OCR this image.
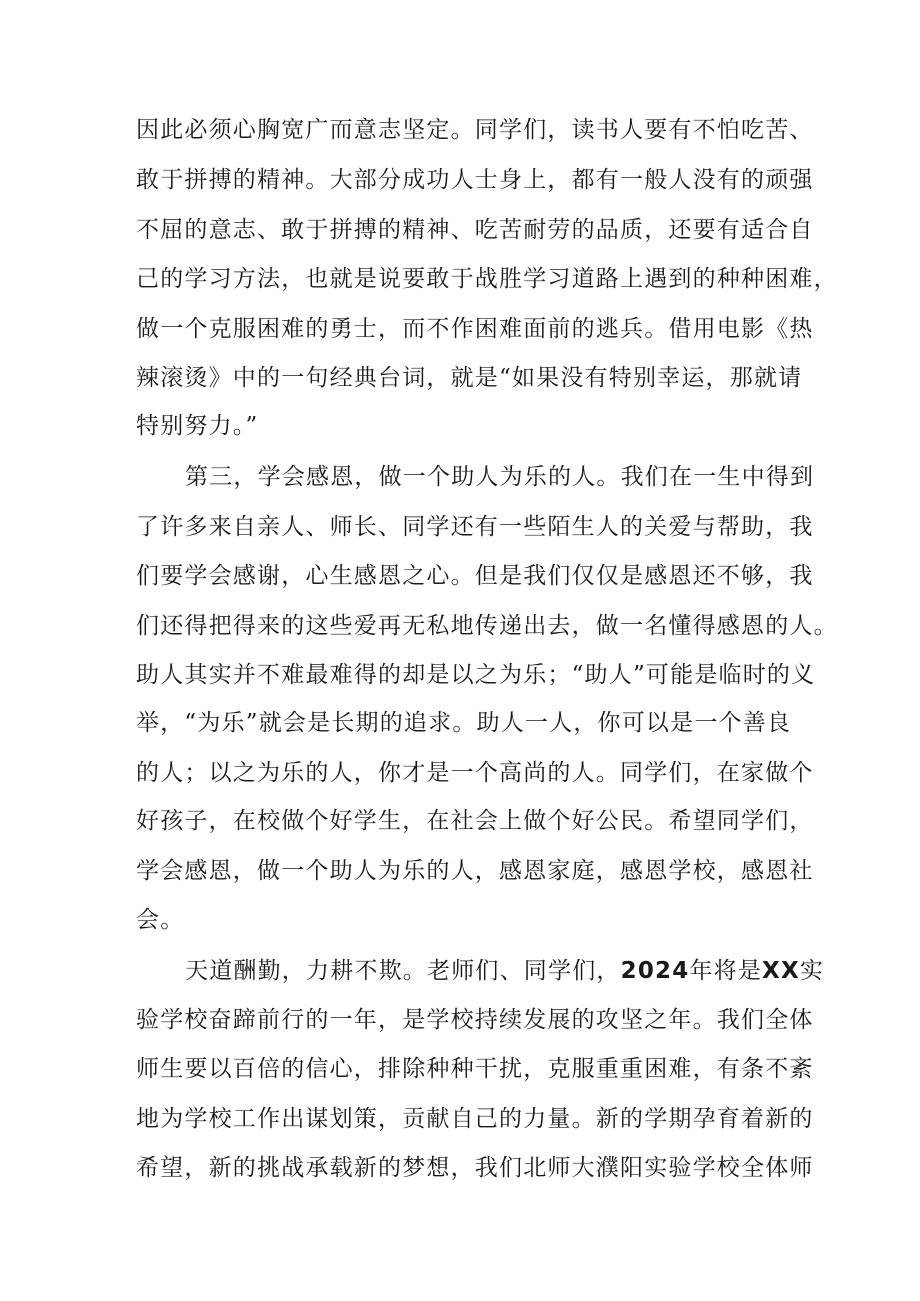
因此必须心胸宽广而意志坚定。同学们，读书人要有不怕吃苦、
敢于拼搏的精神。大部分成功人士身上，都有一般人没有的顽强
不屈的意志、敢于拼搏的精神、吃苦耐劳的品质，还要有适合自
己的学习方法，也就是说要敢于战胜学习道路上遇到的种种困难，
做一个克服困难的勇士，而不作困难面前的逃兵。借用电影《热
辣滚烫》中的一句经典台词，就是“如果没有特别幸运，那就请
特别努力。”
第三，学会感恩，做一个助人为乐的人。我们在一生中得到
了许多来自亲人、师长、同学还有一些陌生人的关爱与帮助，我
们要学会感谢，心生感恩之心。但是我们仅仅是感恩还不够，我
们还得把得来的这些爱再无私地传递出去，做一名懂得感恩的人。
助人其实并不难最难得的却是以之为乐；“助人”可能是临时的义
举，“为乐”就会是长期的追求。助人一人，你可以是一个善良
的人；以之为乐的人，你才是一个高尚的人。同学们，在家做个
好孩子，在校做个好学生，在社会上做个好公民。希望同学们，
学会感恩，做一个助人为乐的人，感恩家庭，感恩学校，感恩社
会。
天道酬勤，力耕不欺。老师们、同学们，2024年将是XX实
验学校奋蹄前行的一年，是学校持续发展的攻坚之年。我们全体
师生要以百倍的信心，排除种种干扰，克服重重困难，有条不紊
地为学校工作出谋划策，贡献自己的力量。新的学期孕育着新的
希望，新的挑战承载新的梦想，我们北师大濮阳实验学校全体师
